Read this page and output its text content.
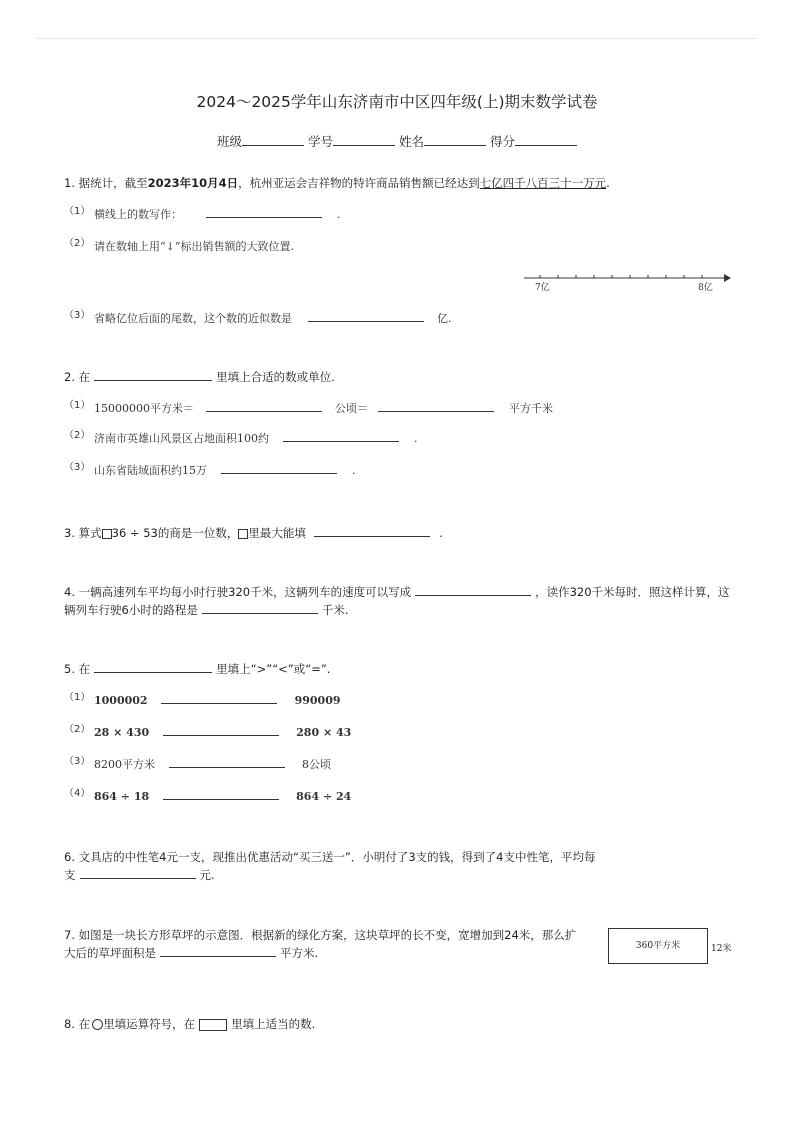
2024～2025学年山东济南市中区四年级(上)期末数学试卷
班级	学号	姓名	得分
1. 据统计，截至2023年10月4日，杭州亚运会吉祥物的特许商品销售额已经达到七亿四千八百三十一万元.
（1） 横线上的数写作：	.
（2） 请在数轴上用“↓”标出销售额的大致位置.
7亿	8亿
（3） 省略亿位后面的尾数，这个数的近似数是	亿.
2. 在	里填上合适的数或单位.
（1） 15000000平方米＝	公顷＝	平方千米
（2） 济南市英雄山风景区占地面积100约	.
（3） 山东省陆域面积约15万	.
3. 算式 36 ÷ 53的商是一位数， 里最大能填	.
4. 一辆高速列车平均每小时行驶320千米，这辆列车的速度可以写成	，读作320千米每时．照这样计算，这
辆列车行驶6小时的路程是	千米.
5. 在	里填上“>”“<”或“=”.
（1） 1000002	990009
（2） 28 × 430	280 × 43
（3） 8200平方米	8公顷
（4） 864 ÷ 18	864 ÷ 24
6. 文具店的中性笔4元一支，现推出优惠活动“买三送一”．小明付了3支的钱，得到了4支中性笔，平均每
支	元.
7. 如图是一块长方形草坪的示意图．根据新的绿化方案，这块草坪的长不变，宽增加到24米，那么扩
大后的草坪面积是	平方米.	360平方米	12米
8. 在 里填运算符号，在	里填上适当的数.
